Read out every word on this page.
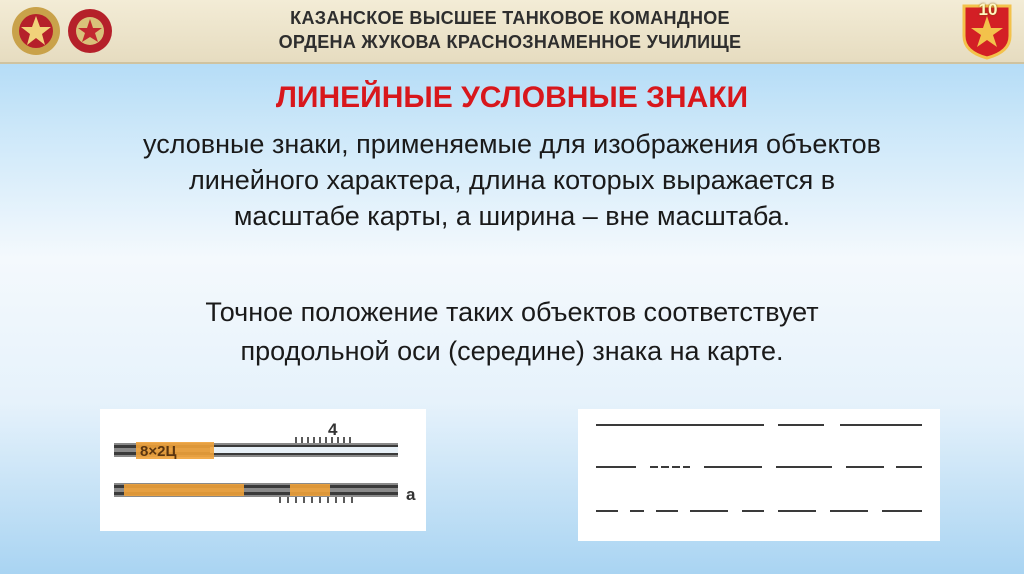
КАЗАНСКОЕ ВЫСШЕЕ ТАНКОВОЕ КОМАНДНОЕ
ОРДЕНА ЖУКОВА КРАСНОЗНАМЕННОЕ УЧИЛИЩЕ
10
ЛИНЕЙНЫЕ УСЛОВНЫЕ ЗНАКИ
условные знаки, применяемые для изображения объектов
линейного характера, длина которых выражается в
масштабе карты, а ширина – вне масштаба.
Точное положение таких объектов соответствует
продольной оси (середине) знака на карте.
4
8×2Ц
а
